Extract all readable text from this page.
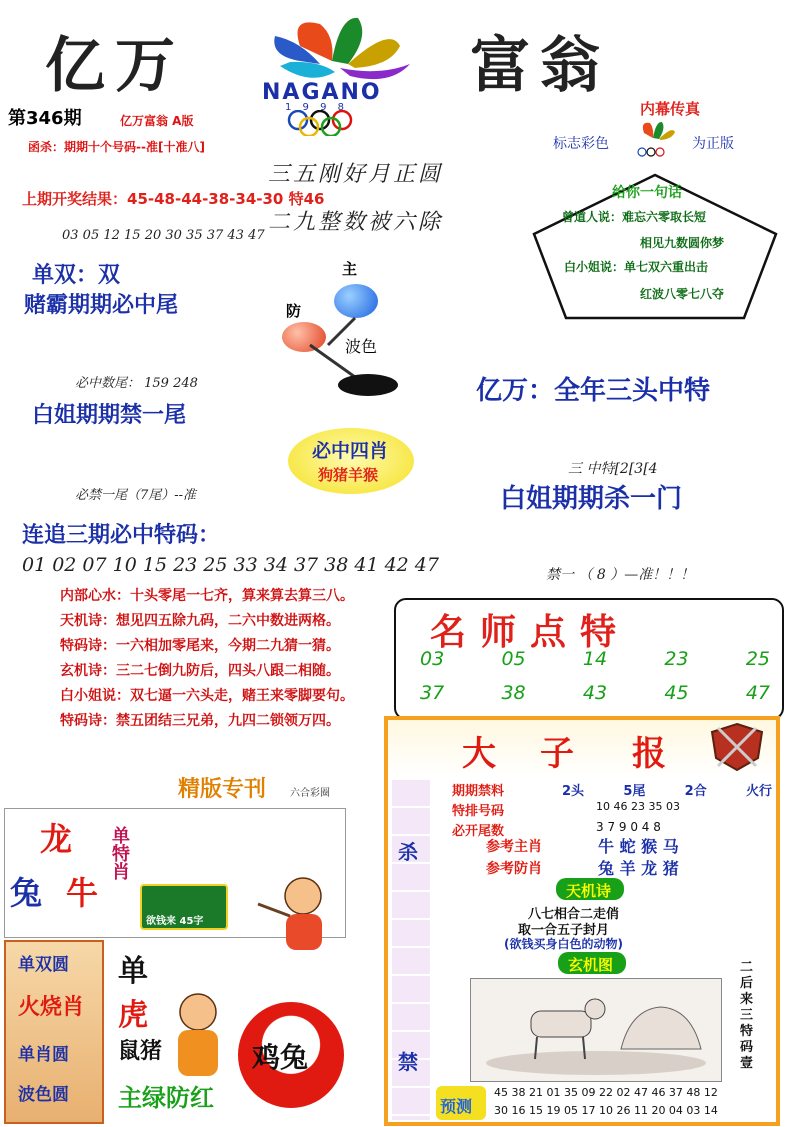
亿万	富翁
NAGANO
1 9 9 8
第346期	亿万富翁 A版
函杀：期期十个号码--准[十准八]
内幕传真
标志彩色	为正版
三五刚好月正圆
二九整数被六除
上期开奖结果：45-48-44-38-34-30 特46
03 05 12 15 20 30 35 37 43 47
给你一句话
曾道人说：难忘六零取长短
相见九数圆你梦
白小姐说：单七双六重出击
红波八零七八夺
单双：双
赌霸期期必中尾
主
防
波色
必中数尾： 159 248
白姐期期禁一尾
亿万：全年三头中特
必中四肖
狗猪羊猴	三 中特[2[3[4
白姐期期杀一门
必禁一尾（7尾）--准
连追三期必中特码：
01 02 07 10 15 23 25 33 34 37 38 41 42 47	禁一 （ 8 ）—准！！！
内部心水：十头零尾一七齐，算来算去算三八。
天机诗：想见四五除九码，二六中数进两格。
特码诗：一六相加零尾来，今期二九猜一猜。
玄机诗：三二七倒九防后，四头八跟二相随。
白小姐说：双七逼一六头走，赌王来零脚要句。
特码诗：禁五团结三兄弟，九四二锁领万四。
名师点特
03	05	14	23	25
37	38	43	45	47
精版专刊 六合彩圈
龙
兔 牛
单特肖
欲钱来 45字
单双圆
火烧肖
单肖圆
波色圆
单
虎
鼠猪
主绿防红
鸡兔
大 子 报
杀
禁
期期禁料	2头	5尾	2合	火行
特排号码	10 46 23 35 03
必开尾数	3 7 9 0 4 8
参考主肖	牛 蛇 猴 马
参考防肖	兔 羊 龙 猪
天机诗
八七相合二走俏
取一合五子封月
(欲钱买身白色的动物)
玄机图	二后来三特码壹
预测
45 38 21 01 35 09 22 02 47 46 37 48 12
30 16 15 19 05 17 10 26 11 20 04 03 14
